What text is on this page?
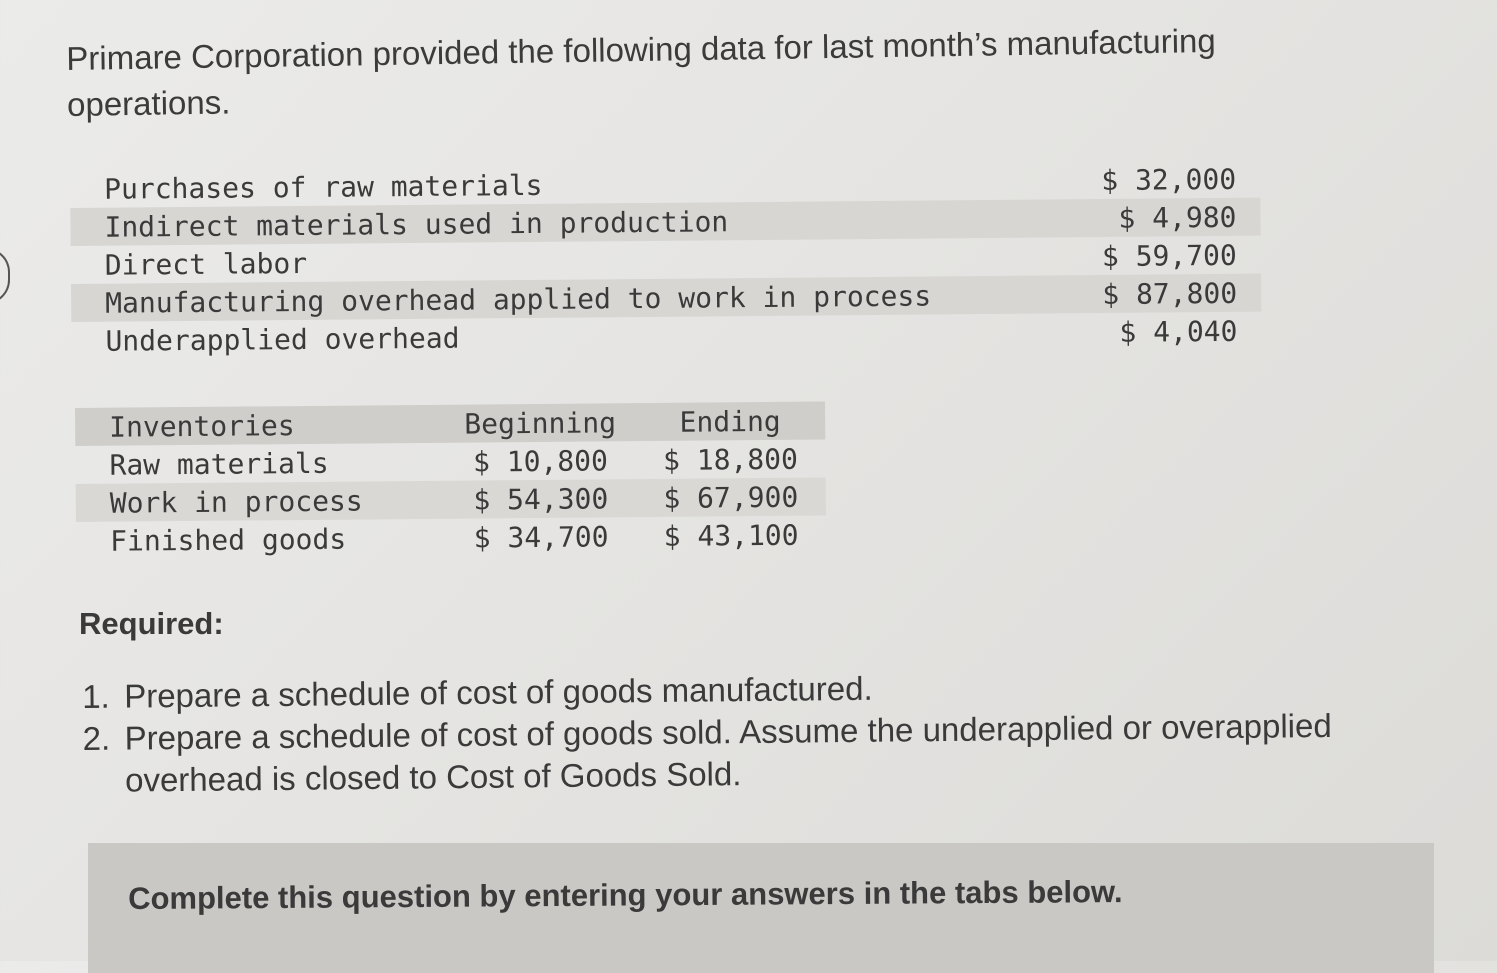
Primare Corporation provided the following data for last month’s manufacturing operations.
Purchases of raw materials	$ 32,000
Indirect materials used in production	$ 4,980
Direct labor	$ 59,700
Manufacturing overhead applied to work in process	$ 87,800
Underapplied overhead	$ 4,040
Inventories	Beginning	Ending
Raw materials	$ 10,800	$ 18,800
Work in process	$ 54,300	$ 67,900
Finished goods	$ 34,700	$ 43,100
Required:
1. Prepare a schedule of cost of goods manufactured.
2. Prepare a schedule of cost of goods sold. Assume the underapplied or overapplied overhead is closed to Cost of Goods Sold.
Complete this question by entering your answers in the tabs below.
